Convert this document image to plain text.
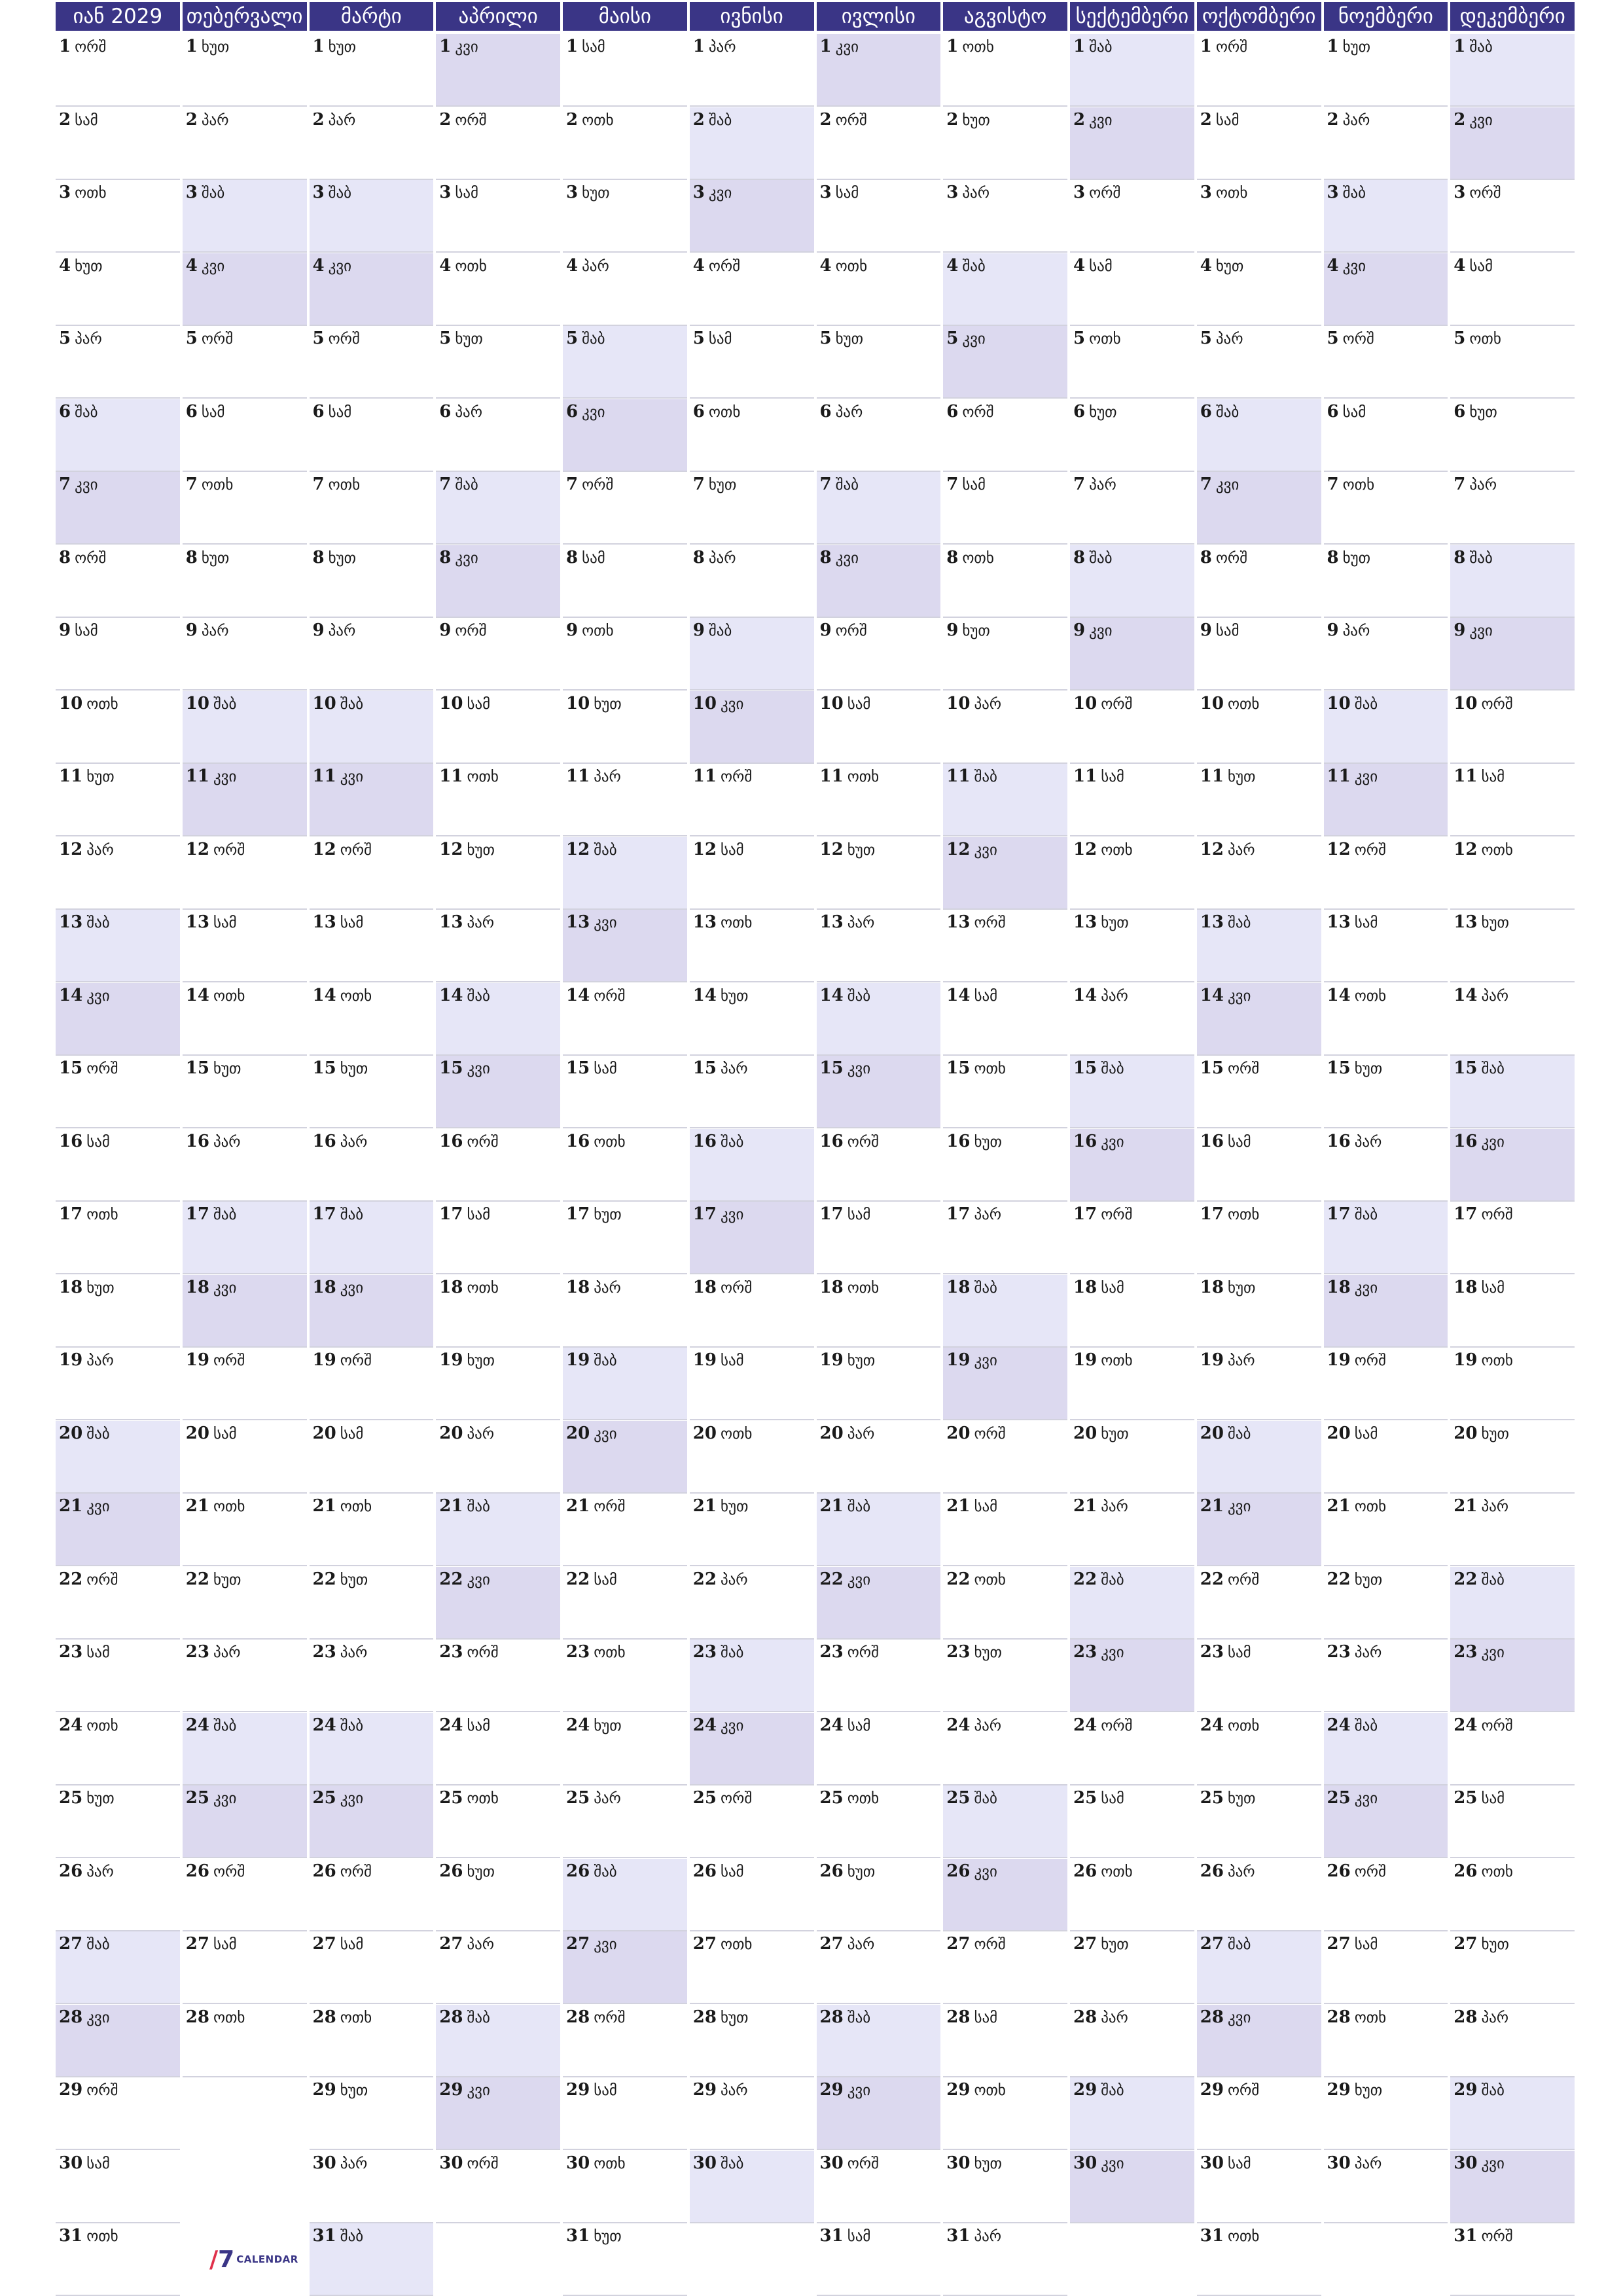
იან 2029
1 ორშ
2 სამ
3 ოთხ
4 ხუთ
5 პარ
6 შაბ
7 კვი
8 ორშ
9 სამ
10 ოთხ
11 ხუთ
12 პარ
13 შაბ
14 კვი
15 ორშ
16 სამ
17 ოთხ
18 ხუთ
19 პარ
20 შაბ
21 კვი
22 ორშ
23 სამ
24 ოთხ
25 ხუთ
26 პარ
27 შაბ
28 კვი
29 ორშ
30 სამ
31 ოთხ
თებერვალი
1 ხუთ
2 პარ
3 შაბ
4 კვი
5 ორშ
6 სამ
7 ოთხ
8 ხუთ
9 პარ
10 შაბ
11 კვი
12 ორშ
13 სამ
14 ოთხ
15 ხუთ
16 პარ
17 შაბ
18 კვი
19 ორშ
20 სამ
21 ოთხ
22 ხუთ
23 პარ
24 შაბ
25 კვი
26 ორშ
27 სამ
28 ოთხ
მარტი
1 ხუთ
2 პარ
3 შაბ
4 კვი
5 ორშ
6 სამ
7 ოთხ
8 ხუთ
9 პარ
10 შაბ
11 კვი
12 ორშ
13 სამ
14 ოთხ
15 ხუთ
16 პარ
17 შაბ
18 კვი
19 ორშ
20 სამ
21 ოთხ
22 ხუთ
23 პარ
24 შაბ
25 კვი
26 ორშ
27 სამ
28 ოთხ
29 ხუთ
30 პარ
31 შაბ
აპრილი
1 კვი
2 ორშ
3 სამ
4 ოთხ
5 ხუთ
6 პარ
7 შაბ
8 კვი
9 ორშ
10 სამ
11 ოთხ
12 ხუთ
13 პარ
14 შაბ
15 კვი
16 ორშ
17 სამ
18 ოთხ
19 ხუთ
20 პარ
21 შაბ
22 კვი
23 ორშ
24 სამ
25 ოთხ
26 ხუთ
27 პარ
28 შაბ
29 კვი
30 ორშ
მაისი
1 სამ
2 ოთხ
3 ხუთ
4 პარ
5 შაბ
6 კვი
7 ორშ
8 სამ
9 ოთხ
10 ხუთ
11 პარ
12 შაბ
13 კვი
14 ორშ
15 სამ
16 ოთხ
17 ხუთ
18 პარ
19 შაბ
20 კვი
21 ორშ
22 სამ
23 ოთხ
24 ხუთ
25 პარ
26 შაბ
27 კვი
28 ორშ
29 სამ
30 ოთხ
31 ხუთ
ივნისი
1 პარ
2 შაბ
3 კვი
4 ორშ
5 სამ
6 ოთხ
7 ხუთ
8 პარ
9 შაბ
10 კვი
11 ორშ
12 სამ
13 ოთხ
14 ხუთ
15 პარ
16 შაბ
17 კვი
18 ორშ
19 სამ
20 ოთხ
21 ხუთ
22 პარ
23 შაბ
24 კვი
25 ორშ
26 სამ
27 ოთხ
28 ხუთ
29 პარ
30 შაბ
ივლისი
1 კვი
2 ორშ
3 სამ
4 ოთხ
5 ხუთ
6 პარ
7 შაბ
8 კვი
9 ორშ
10 სამ
11 ოთხ
12 ხუთ
13 პარ
14 შაბ
15 კვი
16 ორშ
17 სამ
18 ოთხ
19 ხუთ
20 პარ
21 შაბ
22 კვი
23 ორშ
24 სამ
25 ოთხ
26 ხუთ
27 პარ
28 შაბ
29 კვი
30 ორშ
31 სამ
აგვისტო
1 ოთხ
2 ხუთ
3 პარ
4 შაბ
5 კვი
6 ორშ
7 სამ
8 ოთხ
9 ხუთ
10 პარ
11 შაბ
12 კვი
13 ორშ
14 სამ
15 ოთხ
16 ხუთ
17 პარ
18 შაბ
19 კვი
20 ორშ
21 სამ
22 ოთხ
23 ხუთ
24 პარ
25 შაბ
26 კვი
27 ორშ
28 სამ
29 ოთხ
30 ხუთ
31 პარ
სექტემბერი
1 შაბ
2 კვი
3 ორშ
4 სამ
5 ოთხ
6 ხუთ
7 პარ
8 შაბ
9 კვი
10 ორშ
11 სამ
12 ოთხ
13 ხუთ
14 პარ
15 შაბ
16 კვი
17 ორშ
18 სამ
19 ოთხ
20 ხუთ
21 პარ
22 შაბ
23 კვი
24 ორშ
25 სამ
26 ოთხ
27 ხუთ
28 პარ
29 შაბ
30 კვი
ოქტომბერი
1 ორშ
2 სამ
3 ოთხ
4 ხუთ
5 პარ
6 შაბ
7 კვი
8 ორშ
9 სამ
10 ოთხ
11 ხუთ
12 პარ
13 შაბ
14 კვი
15 ორშ
16 სამ
17 ოთხ
18 ხუთ
19 პარ
20 შაბ
21 კვი
22 ორშ
23 სამ
24 ოთხ
25 ხუთ
26 პარ
27 შაბ
28 კვი
29 ორშ
30 სამ
31 ოთხ
ნოემბერი
1 ხუთ
2 პარ
3 შაბ
4 კვი
5 ორშ
6 სამ
7 ოთხ
8 ხუთ
9 პარ
10 შაბ
11 კვი
12 ორშ
13 სამ
14 ოთხ
15 ხუთ
16 პარ
17 შაბ
18 კვი
19 ორშ
20 სამ
21 ოთხ
22 ხუთ
23 პარ
24 შაბ
25 კვი
26 ორშ
27 სამ
28 ოთხ
29 ხუთ
30 პარ
დეკემბერი
1 შაბ
2 კვი
3 ორშ
4 სამ
5 ოთხ
6 ხუთ
7 პარ
8 შაბ
9 კვი
10 ორშ
11 სამ
12 ოთხ
13 ხუთ
14 პარ
15 შაბ
16 კვი
17 ორშ
18 სამ
19 ოთხ
20 ხუთ
21 პარ
22 შაბ
23 კვი
24 ორშ
25 სამ
26 ოთხ
27 ხუთ
28 პარ
29 შაბ
30 კვი
31 ორშ
/7 CALENDAR
